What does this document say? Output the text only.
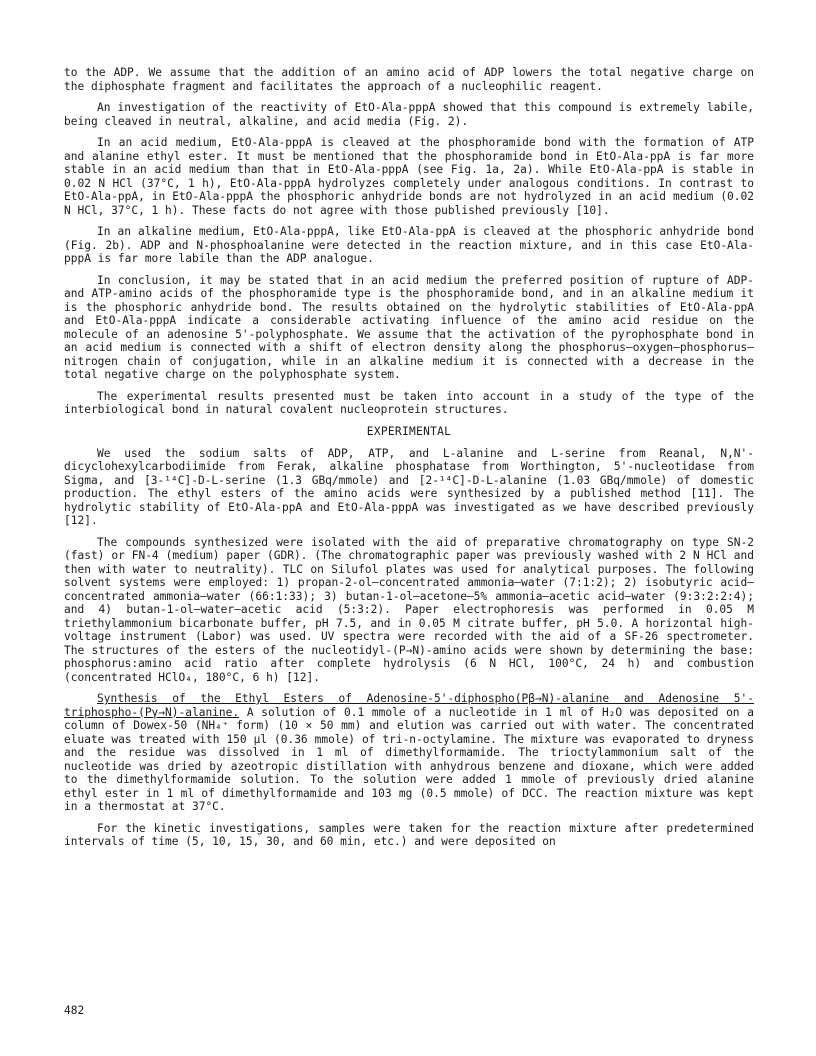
to the ADP. We assume that the addition of an amino acid of ADP lowers the total negative charge on the diphosphate fragment and facilitates the approach of a nucleophilic reagent.

An investigation of the reactivity of EtO-Ala-pppA showed that this compound is extremely labile, being cleaved in neutral, alkaline, and acid media (Fig. 2).

In an acid medium, EtO-Ala-pppA is cleaved at the phosphoramide bond with the formation of ATP and alanine ethyl ester. It must be mentioned that the phosphoramide bond in EtO-Ala-ppA is far more stable in an acid medium than that in EtO-Ala-pppA (see Fig. 1a, 2a). While EtO-Ala-ppA is stable in 0.02 N HCl (37°C, 1 h), EtO-Ala-pppA hydrolyzes completely under analogous conditions. In contrast to EtO-Ala-ppA, in EtO-Ala-pppA the phosphoric anhydride bonds are not hydrolyzed in an acid medium (0.02 N HCl, 37°C, 1 h). These facts do not agree with those published previously [10].

In an alkaline medium, EtO-Ala-pppA, like EtO-Ala-ppA is cleaved at the phosphoric anhydride bond (Fig. 2b). ADP and N-phosphoalanine were detected in the reaction mixture, and in this case EtO-Ala-pppA is far more labile than the ADP analogue.

In conclusion, it may be stated that in an acid medium the preferred position of rupture of ADP- and ATP-amino acids of the phosphoramide type is the phosphoramide bond, and in an alkaline medium it is the phosphoric anhydride bond. The results obtained on the hydrolytic stabilities of EtO-Ala-ppA and EtO-Ala-pppA indicate a considerable activating influence of the amino acid residue on the molecule of an adenosine 5'-polyphosphate. We assume that the activation of the pyrophosphate bond in an acid medium is connected with a shift of electron density along the phosphorus—oxygen—phosphorus—nitrogen chain of conjugation, while in an alkaline medium it is connected with a decrease in the total negative charge on the polyphosphate system.

The experimental results presented must be taken into account in a study of the type of the interbiological bond in natural covalent nucleoprotein structures.

EXPERIMENTAL

We used the sodium salts of ADP, ATP, and L-alanine and L-serine from Reanal, N,N'-dicyclohexylcarbodiimide from Ferak, alkaline phosphatase from Worthington, 5'-nucleotidase from Sigma, and [3-¹⁴C]-D-L-serine (1.3 GBq/mmole) and [2-¹⁴C]-D-L-alanine (1.03 GBq/mmole) of domestic production. The ethyl esters of the amino acids were synthesized by a published method [11]. The hydrolytic stability of EtO-Ala-ppA and EtO-Ala-pppA was investigated as we have described previously [12].

The compounds synthesized were isolated with the aid of preparative chromatography on type SN-2 (fast) or FN-4 (medium) paper (GDR). (The chromatographic paper was previously washed with 2 N HCl and then with water to neutrality). TLC on Silufol plates was used for analytical purposes. The following solvent systems were employed: 1) propan-2-ol—concentrated ammonia—water (7:1:2); 2) isobutyric acid—concentrated ammonia—water (66:1:33); 3) butan-1-ol—acetone—5% ammonia—acetic acid—water (9:3:2:2:4); and 4) butan-1-ol—water—acetic acid (5:3:2). Paper electrophoresis was performed in 0.05 M triethylammonium bicarbonate buffer, pH 7.5, and in 0.05 M citrate buffer, pH 5.0. A horizontal high-voltage instrument (Labor) was used. UV spectra were recorded with the aid of a SF-26 spectrometer. The structures of the esters of the nucleotidyl-(P→N)-amino acids were shown by determining the base: phosphorus:amino acid ratio after complete hydrolysis (6 N HCl, 100°C, 24 h) and combustion (concentrated HClO₄, 180°C, 6 h) [12].

Synthesis of the Ethyl Esters of Adenosine-5'-diphospho(Pβ→N)-alanine and Adenosine 5'-triphospho-(Pγ→N)-alanine. A solution of 0.1 mmole of a nucleotide in 1 ml of H₂O was deposited on a column of Dowex-50 (NH₄⁺ form) (10 × 50 mm) and elution was carried out with water. The concentrated eluate was treated with 150 µl (0.36 mmole) of tri-n-octylamine. The mixture was evaporated to dryness and the residue was dissolved in 1 ml of dimethylformamide. The trioctylammonium salt of the nucleotide was dried by azeotropic distillation with anhydrous benzene and dioxane, which were added to the dimethylformamide solution. To the solution were added 1 mmole of previously dried alanine ethyl ester in 1 ml of dimethylformamide and 103 mg (0.5 mmole) of DCC. The reaction mixture was kept in a thermostat at 37°C.

For the kinetic investigations, samples were taken for the reaction mixture after predetermined intervals of time (5, 10, 15, 30, and 60 min, etc.) and were deposited on

482
